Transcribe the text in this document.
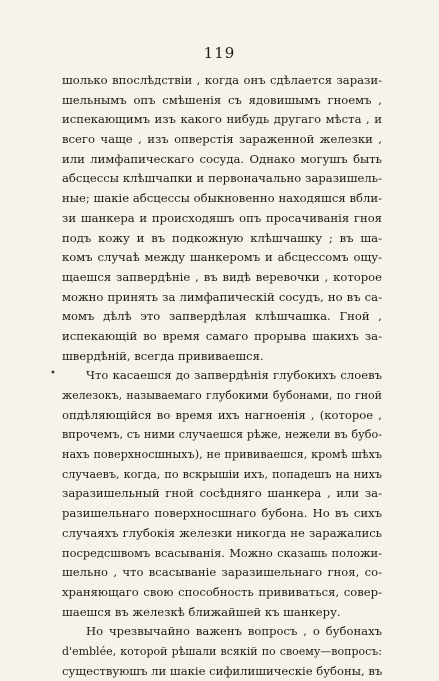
119
•
шолько впослѣдствіи , когда онъ сдѣлается зарази-
шельнымъ опъ смѣшенія съ ядовишымъ гноемъ ,
испекающимъ изъ какого нибудь другаго мѣста , и
всего чаще , изъ опверстія зараженной железки ,
или лимфапическаго сосуда. Однако могушъ быть
абсцессы клѣшчапки и первоначально заразишель-
ные; шакіе абсцессы обыкновенно находяшся вбли-
зи шанкера и происходяшъ опъ просачиванія гноя
подъ кожу и въ подкожную клѣшчашку ; въ ша-
комъ случаѣ между шанкеромъ и абсцессомъ ощу-
щаешся запвердѣніе , въ видѣ веревочки , которое
можно принять за лимфапическій сосудъ, но въ са-
момъ дѣлѣ это запвердѣлая клѣшчашка. Гной ,
испекающій во время самаго прорыва шакихъ за-
швердѣній, всегда прививаешся.
Что касаешся до запвердѣнія глубокихъ слоевъ
железокъ, называемаго глубокими бубонами, по гной
опдѣляющійся во время ихъ нагноенія , (которое ,
впрочемъ, съ ними случаешся рѣже, нежели въ бубо-
нахъ поверхносшныхъ), не прививаешся, кромѣ шѣхъ
случаевъ, когда, по вскрышіи ихъ, попадешъ на нихъ
заразишельный гной сосѣдняго шанкера , или за-
разишельнаго поверхносшнаго бубона. Но въ сихъ
случаяхъ глубокія железки никогда не заражались
посредсшвомъ всасыванія. Можно сказашь положи-
шельно , что всасываніе заразишельнаго гноя, со-
храняющаго свою способность прививаться, совер-
шаешся въ железкѣ ближайшей къ шанкеру.
Но чрезвычайно важенъ вопросъ , о бубонахъ
d'emblée, которой рѣшали всякій по своему—вопросъ:
существуюшъ ли шакіе сифилишическіе бубоны, въ
